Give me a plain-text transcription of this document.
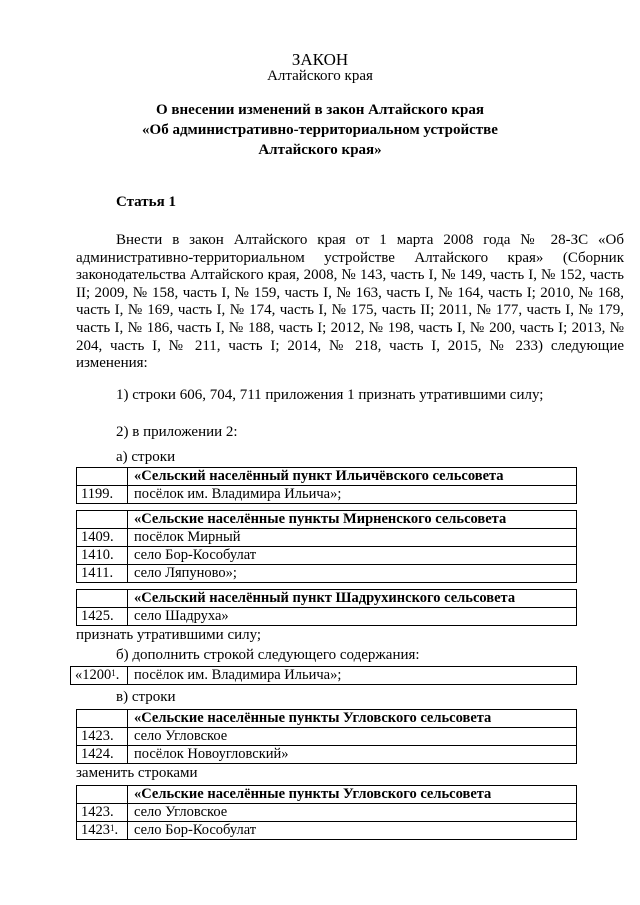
ЗАКОН
Алтайского края
О внесении изменений в закон Алтайского края
«Об административно-территориальном устройстве
Алтайского края»
Статья 1
Внести в закон Алтайского края от 1 марта 2008 года № 28-ЗС «Об административно-территориальном устройстве Алтайского края» (Сборник законодательства Алтайского края, 2008, № 143, часть I, № 149, часть I, № 152, часть II; 2009, № 158, часть I, № 159, часть I, № 163, часть I, № 164, часть I; 2010, № 168, часть I, № 169, часть I, № 174, часть I, № 175, часть II; 2011, № 177, часть I, № 179, часть I, № 186, часть I, № 188, часть I; 2012, № 198, часть I, № 200, часть I; 2013, № 204, часть I, № 211, часть I; 2014, № 218, часть I, 2015, № 233) следующие изменения:
1) строки 606, 704, 711 приложения 1 признать утратившими силу;
2) в приложении 2:
а) строки
	«Сельский населённый пункт Ильичёвского сельсовета
1199.	посёлок им. Владимира Ильича»;
	«Сельские населённые пункты Мирненского сельсовета
1409.	посёлок Мирный
1410.	село Бор-Кособулат
1411.	село Ляпуново»;
	«Сельский населённый пункт Шадрухинского сельсовета
1425.	село Шадруха»
признать утратившими силу;
б) дополнить строкой следующего содержания:
«1200$^1$.	посёлок им. Владимира Ильича»;
в) строки
	«Сельские населённые пункты Угловского сельсовета
1423.	село Угловское
1424.	посёлок Новоугловский»
заменить строками
	«Сельские населённые пункты Угловского сельсовета
1423.	село Угловское
1423$^1$.	село Бор-Кособулат
